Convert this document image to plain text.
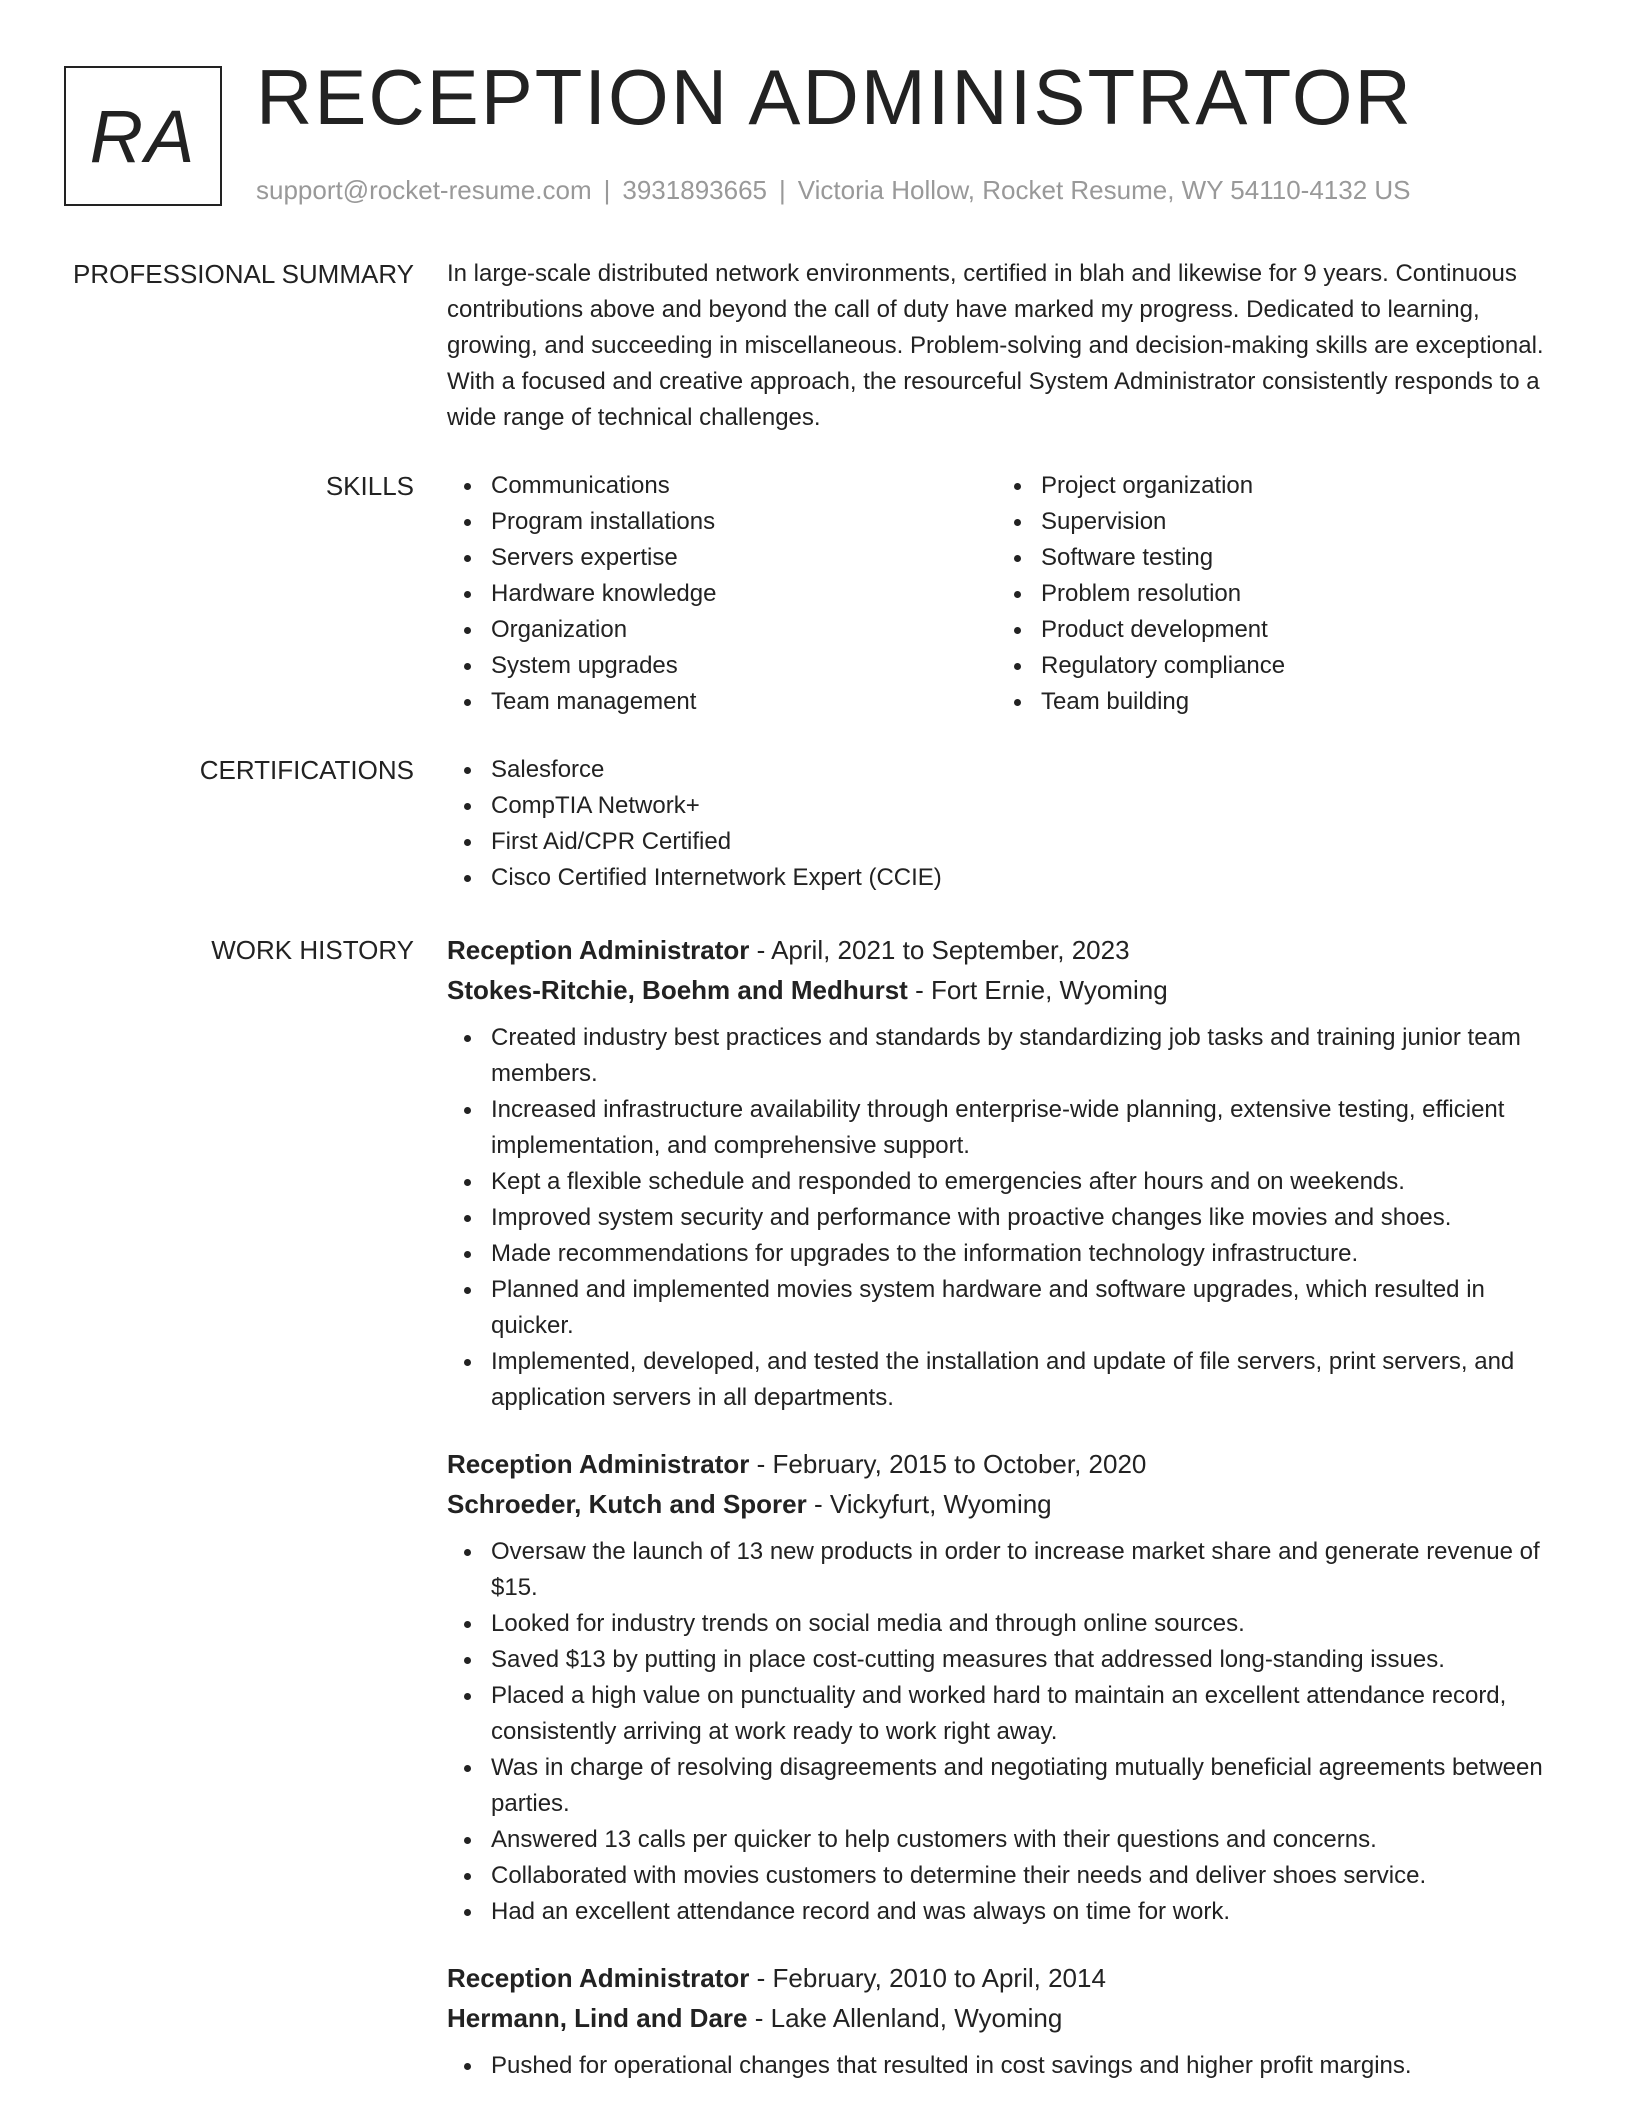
RA RECEPTION ADMINISTRATOR
support@rocket-resume.com | 3931893665 | Victoria Hollow, Rocket Resume, WY 54110-4132 US
PROFESSIONAL SUMMARY In large-scale distributed network environments, certified in blah and likewise for 9 years. Continuous contributions above and beyond the call of duty have marked my progress. Dedicated to learning, growing, and succeeding in miscellaneous. Problem-solving and decision-making skills are exceptional. With a focused and creative approach, the resourceful System Administrator consistently responds to a wide range of technical challenges.
SKILLS	Communications
Program installations
Servers expertise
Hardware knowledge
Organization
System upgrades
Team management
Project organization
Supervision
Software testing
Problem resolution
Product development
Regulatory compliance
Team building
CERTIFICATIONS	Salesforce
CompTIA Network+
First Aid/CPR Certified
Cisco Certified Internetwork Expert (CCIE)
WORK HISTORY Reception Administrator - April, 2021 to September, 2023
Stokes-Ritchie, Boehm and Medhurst - Fort Ernie, Wyoming
Created industry best practices and standards by standardizing job tasks and training junior team members.
Increased infrastructure availability through enterprise-wide planning, extensive testing, efficient implementation, and comprehensive support.
Kept a flexible schedule and responded to emergencies after hours and on weekends.
Improved system security and performance with proactive changes like movies and shoes.
Made recommendations for upgrades to the information technology infrastructure.
Planned and implemented movies system hardware and software upgrades, which resulted in quicker.
Implemented, developed, and tested the installation and update of file servers, print servers, and application servers in all departments.
Reception Administrator - February, 2015 to October, 2020
Schroeder, Kutch and Sporer - Vickyfurt, Wyoming
Oversaw the launch of 13 new products in order to increase market share and generate revenue of $15.
Looked for industry trends on social media and through online sources.
Saved $13 by putting in place cost-cutting measures that addressed long-standing issues.
Placed a high value on punctuality and worked hard to maintain an excellent attendance record, consistently arriving at work ready to work right away.
Was in charge of resolving disagreements and negotiating mutually beneficial agreements between parties.
Answered 13 calls per quicker to help customers with their questions and concerns.
Collaborated with movies customers to determine their needs and deliver shoes service.
Had an excellent attendance record and was always on time for work.
Reception Administrator - February, 2010 to April, 2014
Hermann, Lind and Dare - Lake Allenland, Wyoming
Pushed for operational changes that resulted in cost savings and higher profit margins.
